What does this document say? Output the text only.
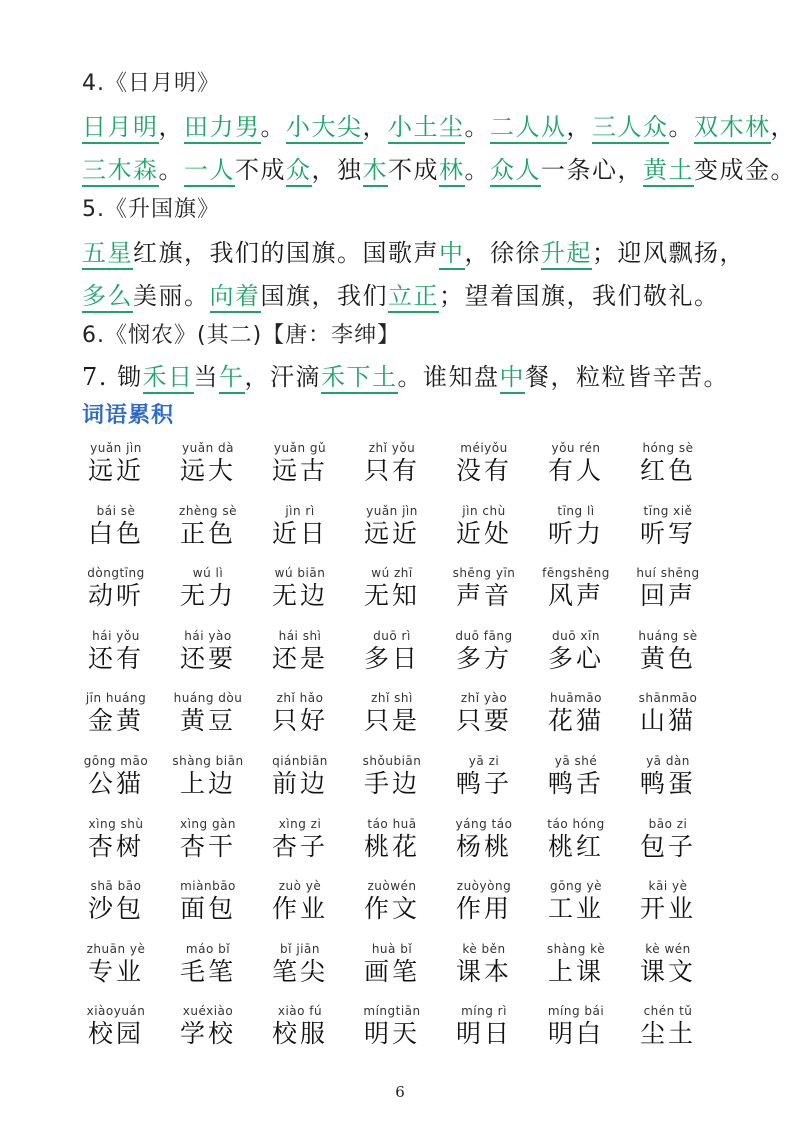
4.《日月明》
日月明，田力男。小大尖，小土尘。二人从，三人众。双木林，
三木森。一人不成众，独木不成林。众人一条心，黄土变成金。
5.《升国旗》
五星红旗，我们的国旗。国歌声中，徐徐升起；迎风飘扬，
多么美丽。向着国旗，我们立正；望着国旗，我们敬礼。
6.《悯农》(其二)【唐：李绅】
7. 锄禾日当午，汗滴禾下土。谁知盘中餐，粒粒皆辛苦。
词语累积
yuǎn jìn
远近
yuǎn dà
远大
yuǎn gǔ
远古
zhǐ yǒu
只有
méiyǒu
没有
yǒu rén
有人
hóng sè
红色
bái sè
白色
zhèng sè
正色
jìn rì
近日
yuǎn jìn
远近
jìn chù
近处
tīng lì
听力
tīng xiě
听写
dòngtīng
动听
wú lì
无力
wú biān
无边
wú zhī
无知
shēng yīn
声音
fēngshēng
风声
huí shēng
回声
hái yǒu
还有
hái yào
还要
hái shì
还是
duō rì
多日
duō fāng
多方
duō xīn
多心
huáng sè
黄色
jīn huáng
金黄
huáng dòu
黄豆
zhǐ hǎo
只好
zhǐ shì
只是
zhǐ yào
只要
huāmāo
花猫
shānmāo
山猫
gōng māo
公猫
shàng biān
上边
qiánbiān
前边
shǒubiān
手边
yā zi
鸭子
yā shé
鸭舌
yā dàn
鸭蛋
xìng shù
杏树
xìng gàn
杏干
xìng zi
杏子
táo huā
桃花
yáng táo
杨桃
táo hóng
桃红
bāo zi
包子
shā bāo
沙包
miànbāo
面包
zuò yè
作业
zuòwén
作文
zuòyòng
作用
gōng yè
工业
kāi yè
开业
zhuān yè
专业
máo bǐ
毛笔
bǐ jiān
笔尖
huà bǐ
画笔
kè běn
课本
shàng kè
上课
kè wén
课文
xiàoyuán
校园
xuéxiào
学校
xiào fú
校服
míngtiān
明天
míng rì
明日
míng bái
明白
chén tǔ
尘土
6
